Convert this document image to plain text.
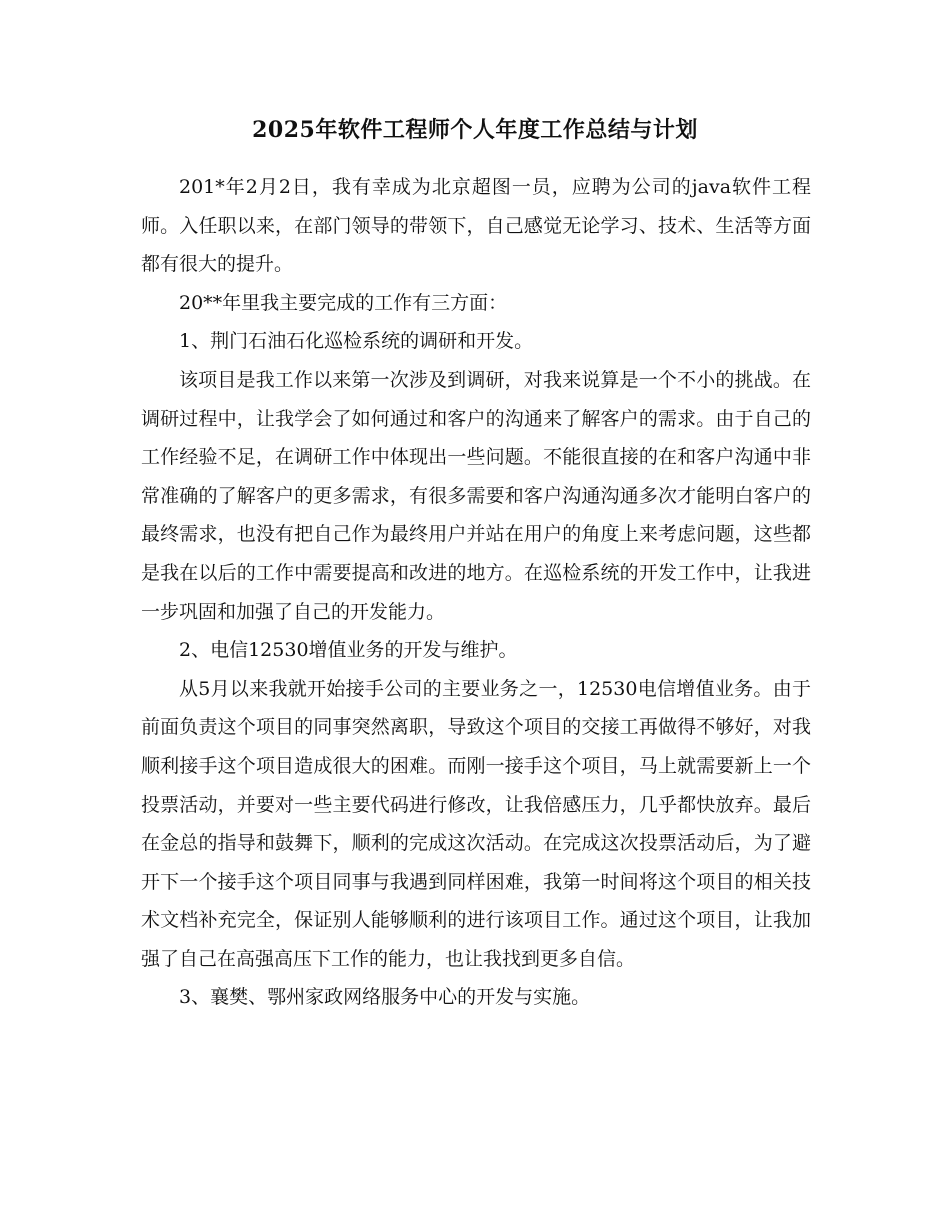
2025年软件工程师个人年度工作总结与计划

201*年2月2日，我有幸成为北京超图一员，应聘为公司的java软件工程师。入任职以来，在部门领导的带领下，自己感觉无论学习、技术、生活等方面都有很大的提升。

20**年里我主要完成的工作有三方面：

1、荆门石油石化巡检系统的调研和开发。

该项目是我工作以来第一次涉及到调研，对我来说算是一个不小的挑战。在调研过程中，让我学会了如何通过和客户的沟通来了解客户的需求。由于自己的工作经验不足，在调研工作中体现出一些问题。不能很直接的在和客户沟通中非常准确的了解客户的更多需求，有很多需要和客户沟通沟通多次才能明白客户的最终需求，也没有把自己作为最终用户并站在用户的角度上来考虑问题，这些都是我在以后的工作中需要提高和改进的地方。在巡检系统的开发工作中，让我进一步巩固和加强了自己的开发能力。

2、电信12530增值业务的开发与维护。

从5月以来我就开始接手公司的主要业务之一，12530电信增值业务。由于前面负责这个项目的同事突然离职，导致这个项目的交接工再做得不够好，对我顺利接手这个项目造成很大的困难。而刚一接手这个项目，马上就需要新上一个投票活动，并要对一些主要代码进行修改，让我倍感压力，几乎都快放弃。最后在金总的指导和鼓舞下，顺利的完成这次活动。在完成这次投票活动后，为了避开下一个接手这个项目同事与我遇到同样困难，我第一时间将这个项目的相关技术文档补充完全，保证别人能够顺利的进行该项目工作。通过这个项目，让我加强了自己在高强高压下工作的能力，也让我找到更多自信。

3、襄樊、鄂州家政网络服务中心的开发与实施。
